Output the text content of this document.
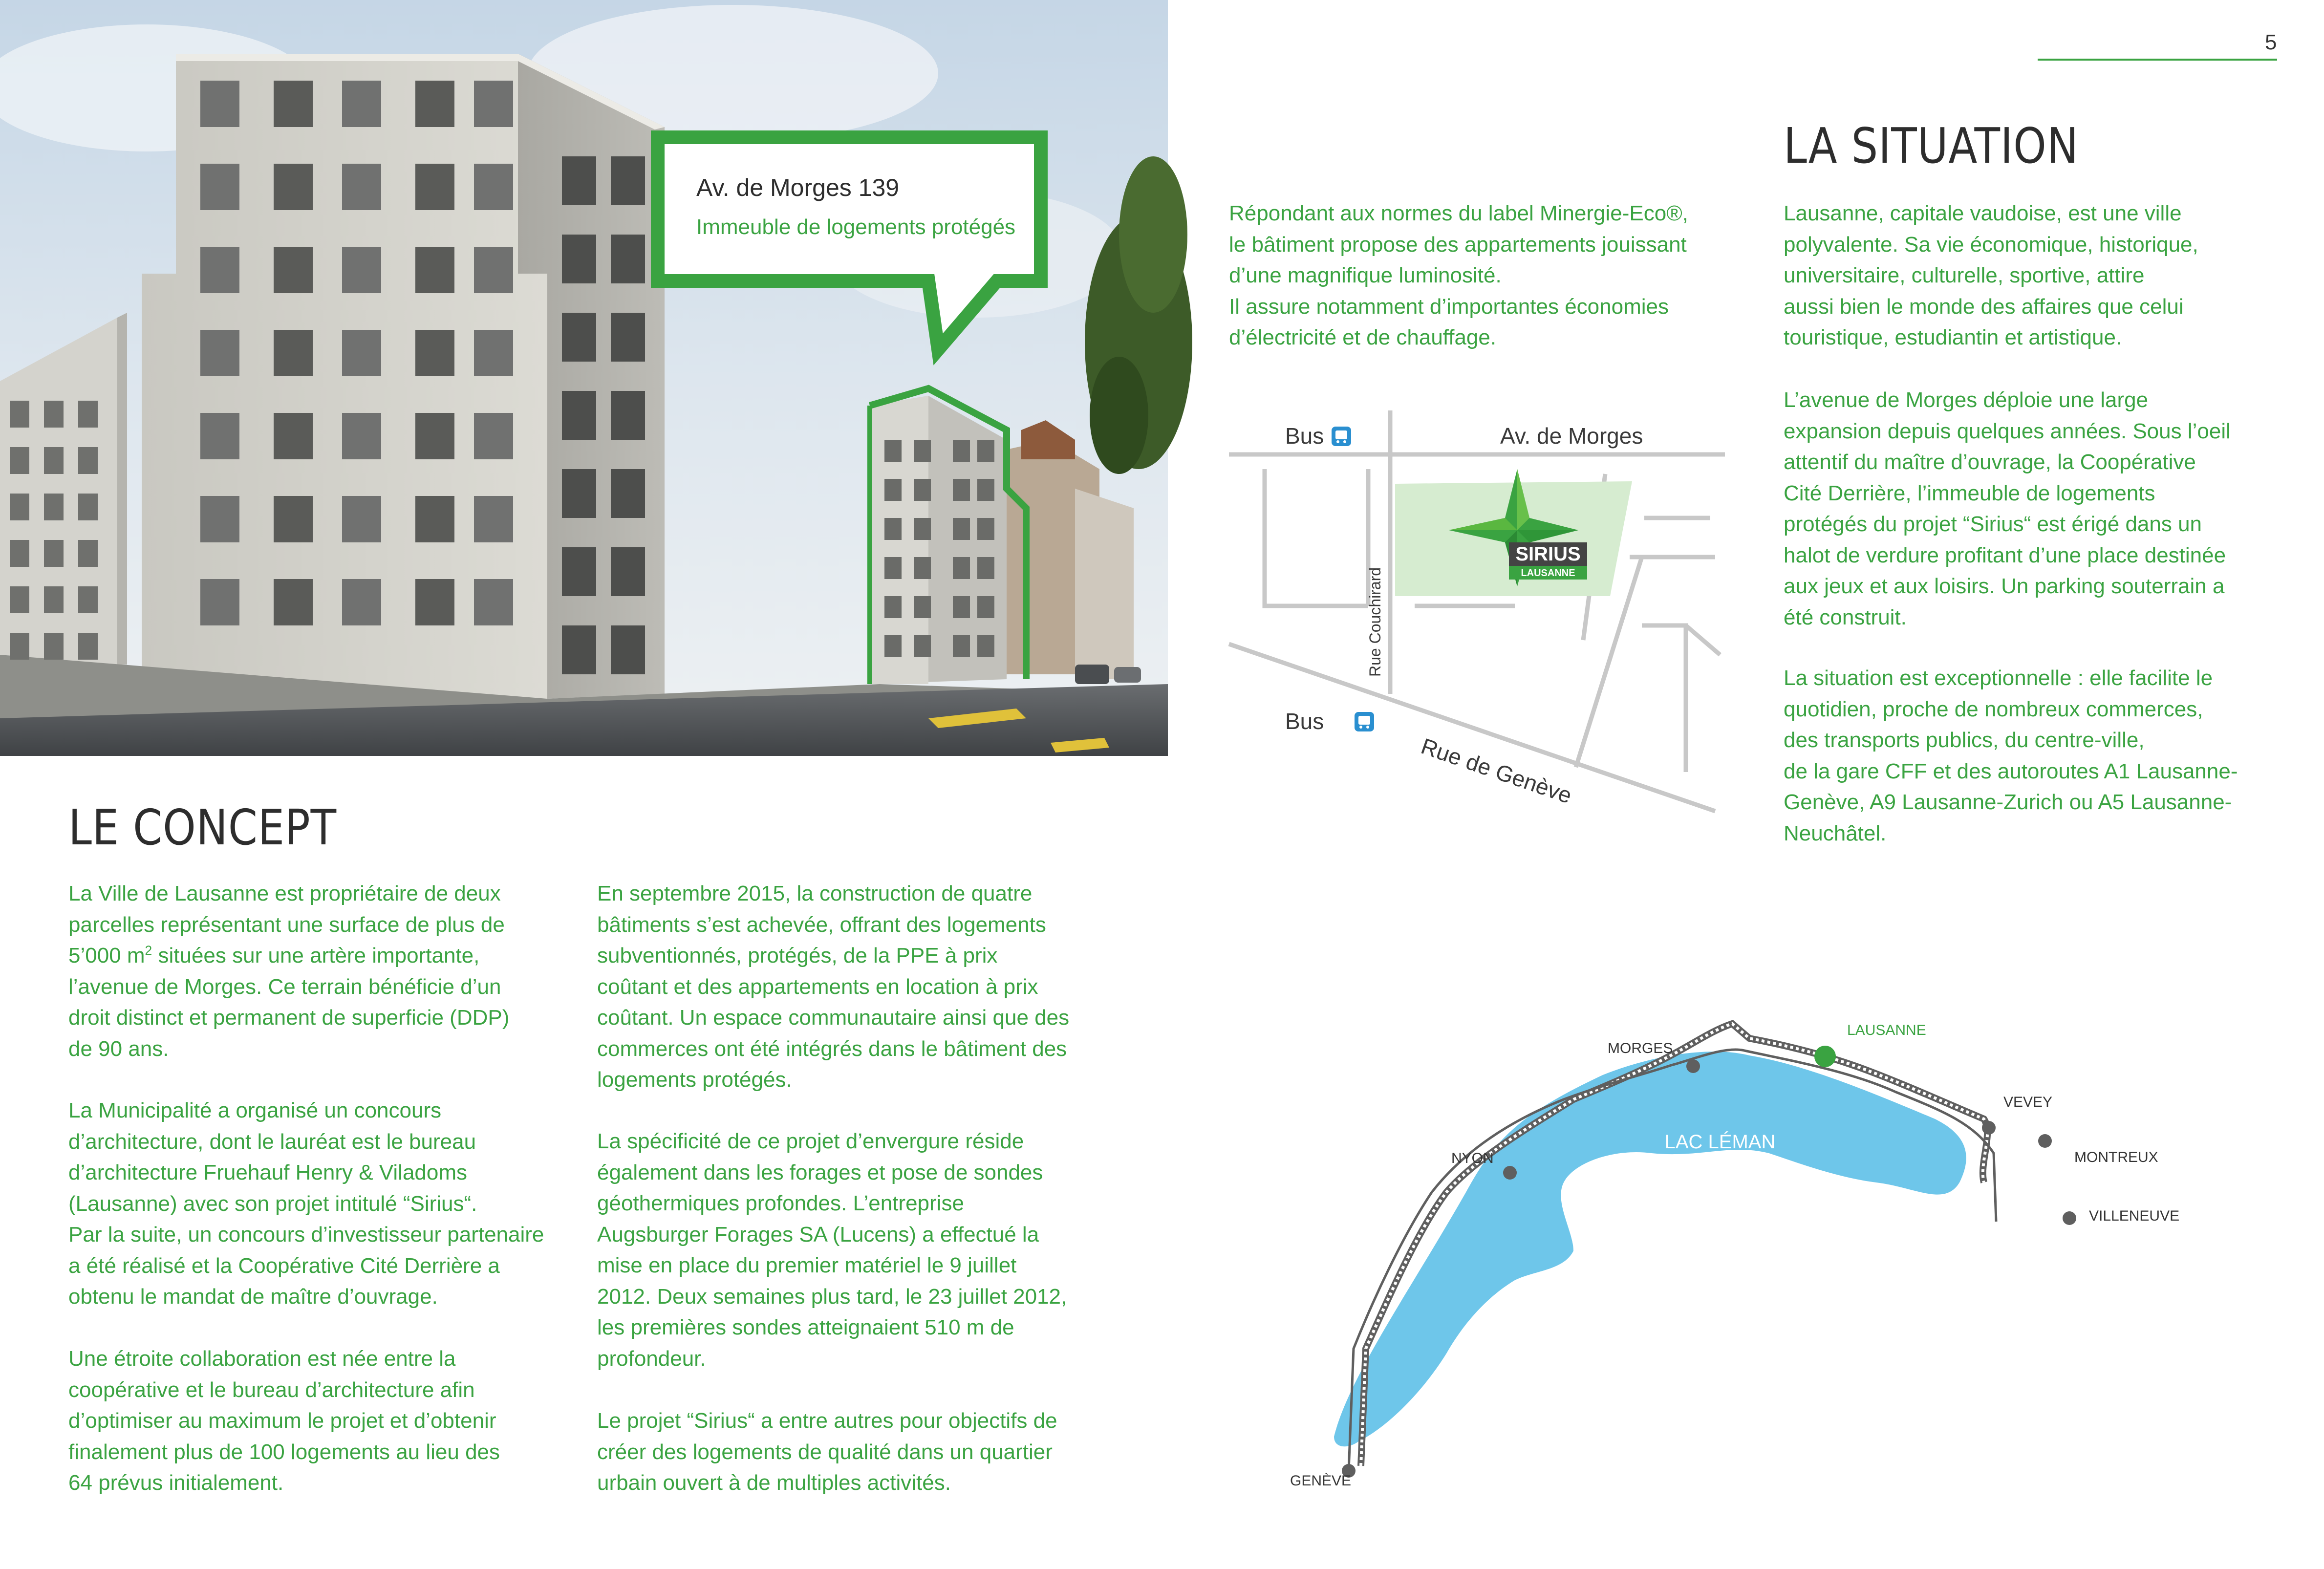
5
Av. de Morges 139
Immeuble de logements protégés
LE CONCEPT
La Ville de Lausanne est propriétaire de deux
parcelles représentant une surface de plus de
5’000 $m^2$ situées sur une artère importante,
l’avenue de Morges. Ce terrain bénéficie d’un
droit distinct et permanent de superficie (DDP)
de 90 ans.
La Municipalité a organisé un concours
d’architecture, dont le lauréat est le bureau
d’architecture Fruehauf Henry & Viladoms
(Lausanne) avec son projet intitulé “Sirius“.
Par la suite, un concours d’investisseur partenaire
a été réalisé et la Coopérative Cité Derrière a
obtenu le mandat de maître d’ouvrage.
Une étroite collaboration est née entre la
coopérative et le bureau d’architecture afin
d’optimiser au maximum le projet et d’obtenir
finalement plus de 100 logements au lieu des
64 prévus initialement.
En septembre 2015, la construction de quatre
bâtiments s’est achevée, offrant des logements
subventionnés, protégés, de la PPE à prix
coûtant et des appartements en location à prix
coûtant. Un espace communautaire ainsi que des
commerces ont été intégrés dans le bâtiment des
logements protégés.
La spécificité de ce projet d’envergure réside
également dans les forages et pose de sondes
géothermiques profondes. L’entreprise
Augsburger Forages SA (Lucens) a effectué la
mise en place du premier matériel le 9 juillet
2012. Deux semaines plus tard, le 23 juillet 2012,
les premières sondes atteignaient 510 m de
profondeur.
Le projet “Sirius“ a entre autres pour objectifs de
créer des logements de qualité dans un quartier
urbain ouvert à de multiples activités.
Répondant aux normes du label Minergie-Eco®,
le bâtiment propose des appartements jouissant
d’une magnifique luminosité.
Il assure notamment d’importantes économies
d’électricité et de chauffage.
LA SITUATION
Lausanne, capitale vaudoise, est une ville
polyvalente. Sa vie économique, historique,
universitaire, culturelle, sportive, attire
aussi bien le monde des affaires que celui
touristique, estudiantin et artistique.
L’avenue de Morges déploie une large
expansion depuis quelques années. Sous l’oeil
attentif du maître d’ouvrage, la Coopérative
Cité Derrière, l’immeuble de logements
protégés du projet “Sirius“ est érigé dans un
halot de verdure profitant d’une place destinée
aux jeux et aux loisirs. Un parking souterrain a
été construit.
La situation est exceptionnelle : elle facilite le
quotidien, proche de nombreux commerces,
des transports publics, du centre-ville,
de la gare CFF et des autoroutes A1 Lausanne-
Genève, A9 Lausanne-Zurich ou A5 Lausanne-
Neuchâtel.
SIRIUS
LAUSANNE
Bus	Av. de Morges
Bus
Rue Couchirard
Rue de Genève
GENÈVE
NYON
MORGES
LAUSANNE
VEVEY
MONTREUX
VILLENEUVE
LAC LÉMAN
